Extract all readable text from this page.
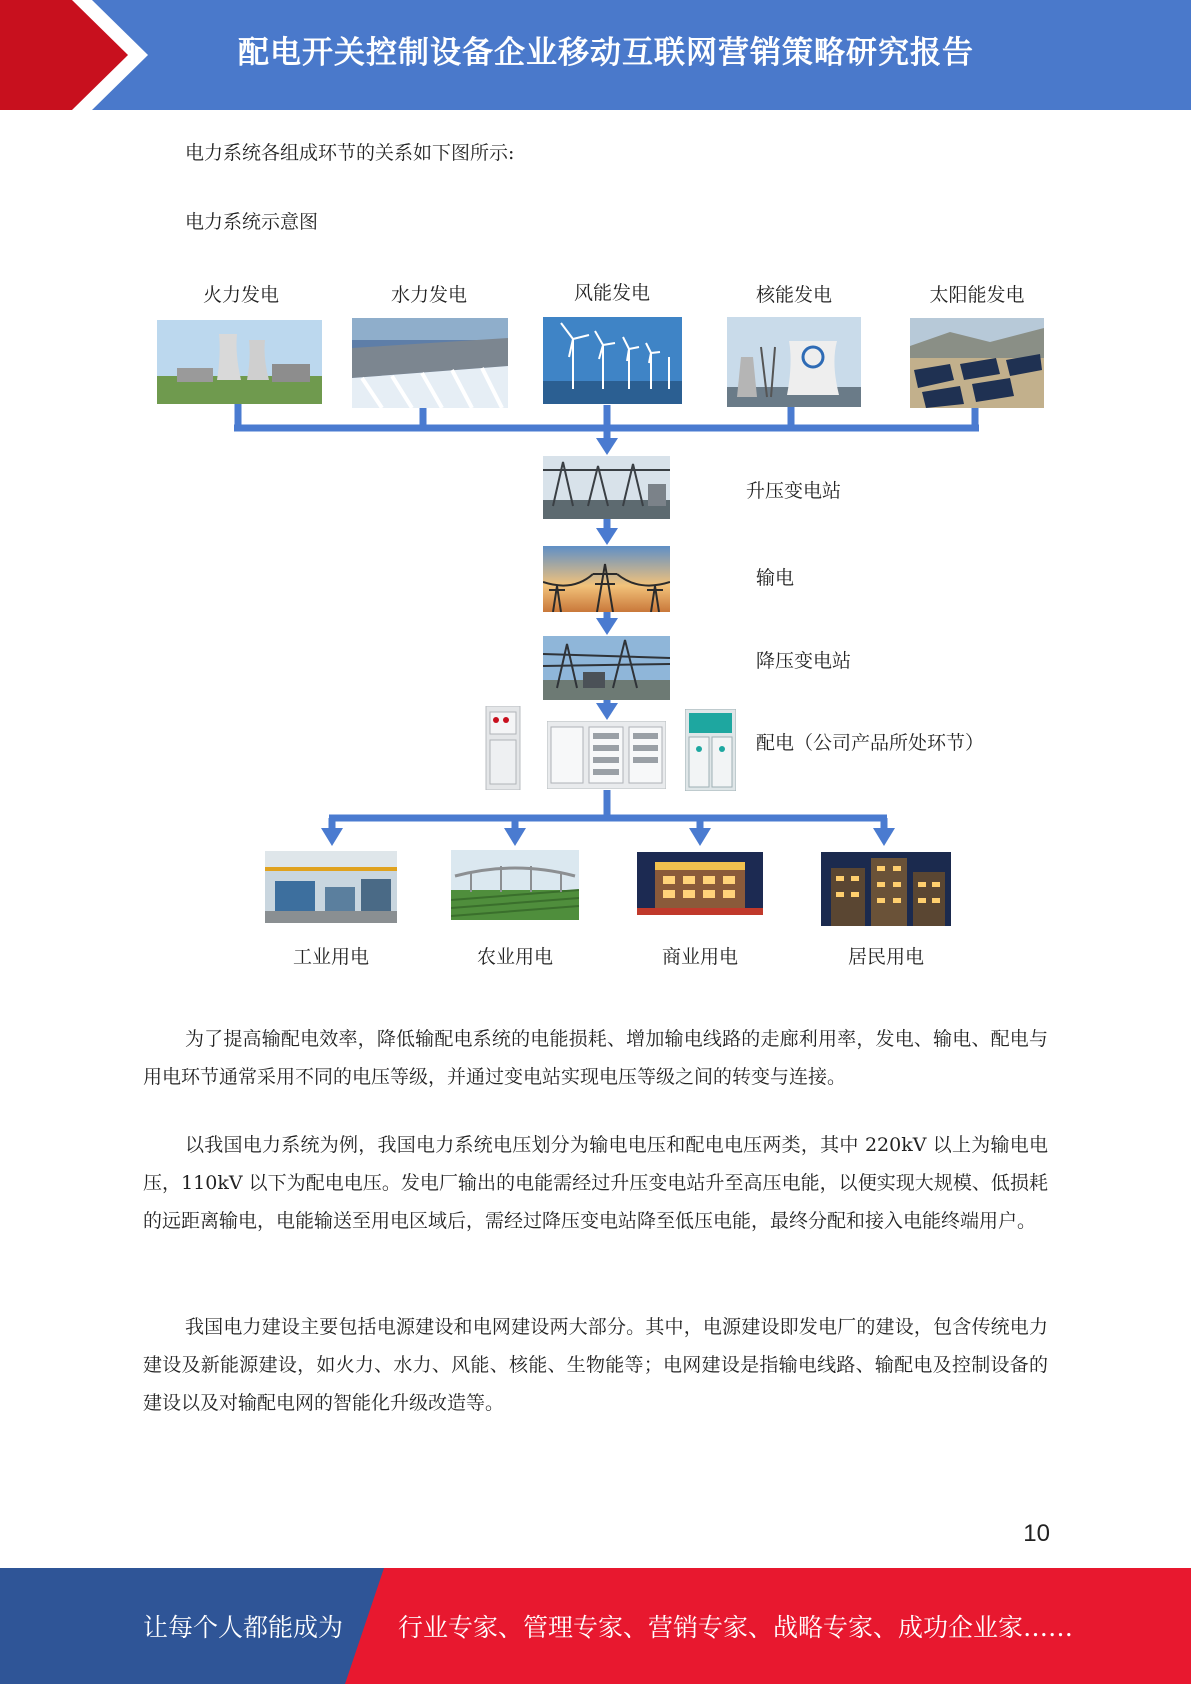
配电开关控制设备企业移动互联网营销策略研究报告
电力系统各组成环节的关系如下图所示:
电力系统示意图
火力发电	水力发电	风能发电	核能发电	太阳能发电
升压变电站
输电
降压变电站
配电（公司产品所处环节）
工业用电	农业用电	商业用电	居民用电

为了提高输配电效率，降低输配电系统的电能损耗、增加输电线路的走廊利用率，发电、输电、配电与用电环节通常采用不同的电压等级，并通过变电站实现电压等级之间的转变与连接。

以我国电力系统为例，我国电力系统电压划分为输电电压和配电电压两类，其中 220kV 以上为输电电压，110kV 以下为配电电压。发电厂输出的电能需经过升压变电站升至高压电能，以便实现大规模、低损耗的远距离输电，电能输送至用电区域后，需经过降压变电站降至低压电能，最终分配和接入电能终端用户。

我国电力建设主要包括电源建设和电网建设两大部分。其中，电源建设即发电厂的建设，包含传统电力建设及新能源建设，如火力、水力、风能、核能、生物能等；电网建设是指输电线路、输配电及控制设备的建设以及对输配电网的智能化升级改造等。

10
让每个人都能成为 行业专家、管理专家、营销专家、战略专家、成功企业家……
